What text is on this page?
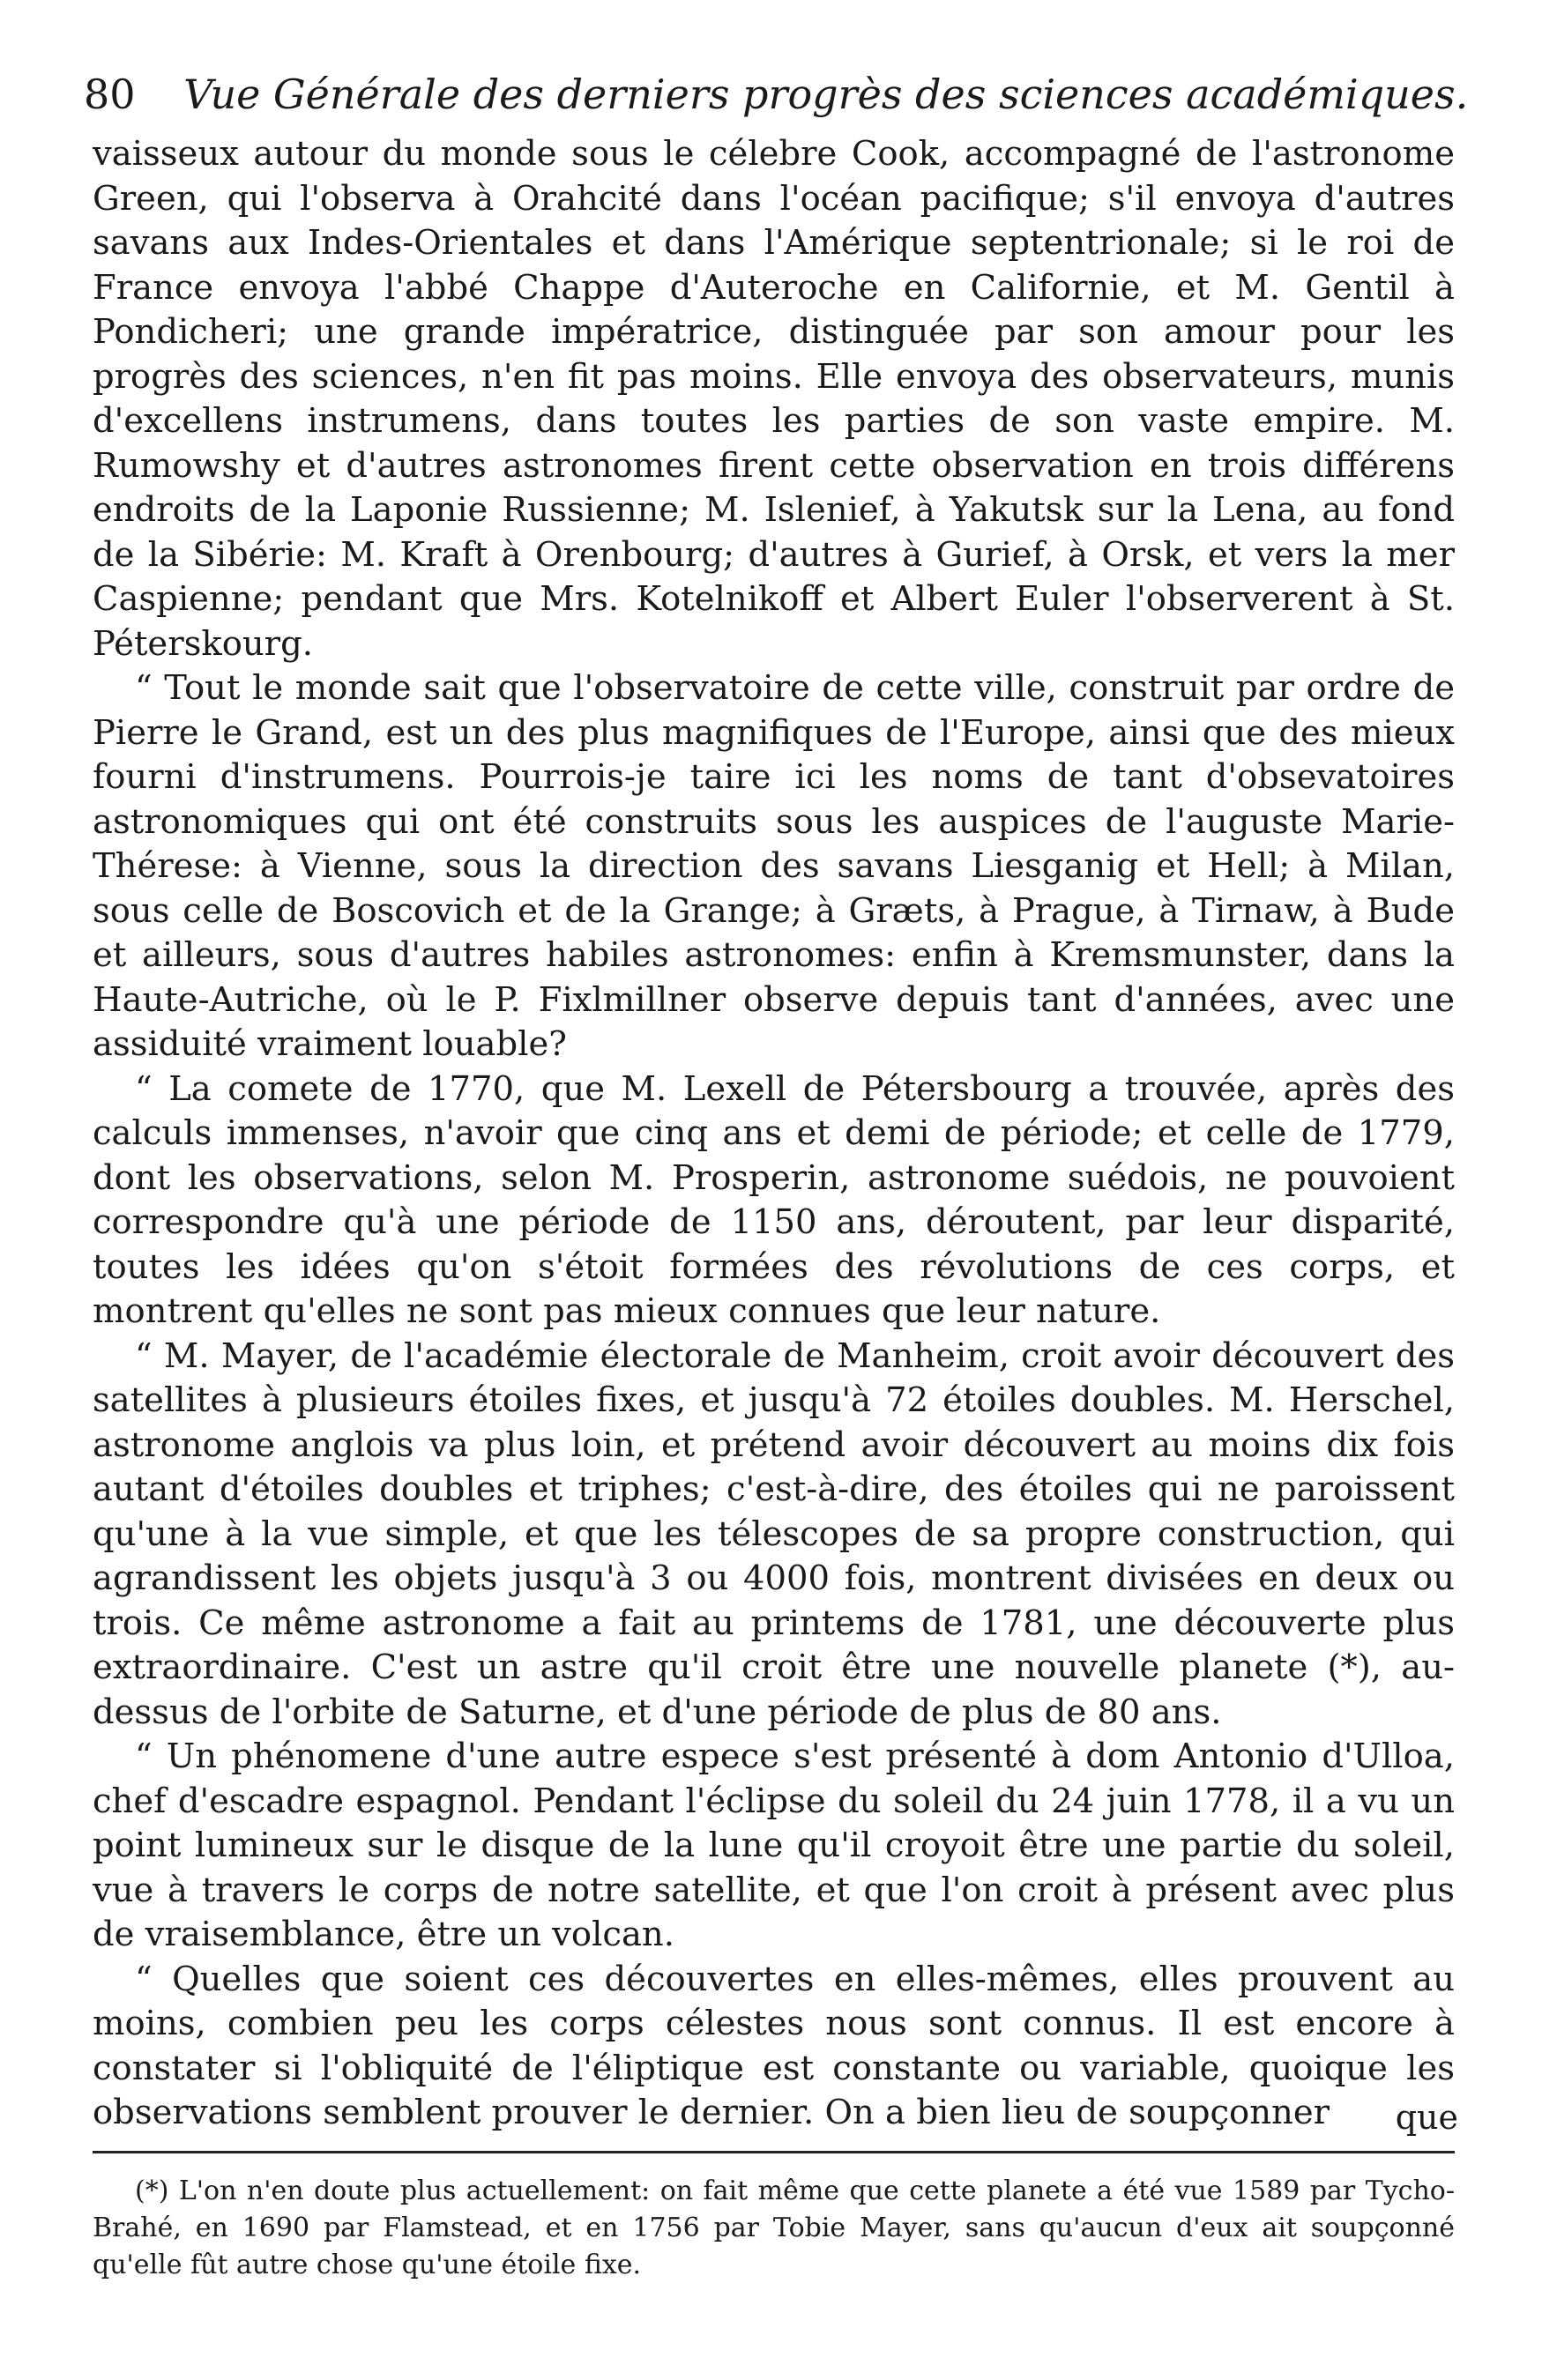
80 Vue Générale des derniers progrès des sciences académiques.

vaisseux autour du monde sous le célebre Cook, accompagné de l'astronome Green, qui l'observa à Orahcité dans l'océan pacifique; s'il envoya d'autres savans aux Indes-Orientales et dans l'Amérique septentrionale; si le roi de France envoya l'abbé Chappe d'Auteroche en Californie, et M. Gentil à Pondicheri; une grande impératrice, distinguée par son amour pour les progrès des sciences, n'en fit pas moins. Elle envoya des observateurs, munis d'excellens instrumens, dans toutes les parties de son vaste empire. M. Rumowshy et d'autres astronomes firent cette observation en trois différens endroits de la Laponie Russienne; M. Islenief, à Yakutsk sur la Lena, au fond de la Sibérie: M. Kraft à Orenbourg; d'autres à Gurief, à Orsk, et vers la mer Caspienne; pendant que Mrs. Kotelnikoff et Albert Euler l'observerent à St. Péterskourg.

“ Tout le monde sait que l'observatoire de cette ville, construit par ordre de Pierre le Grand, est un des plus magnifiques de l'Europe, ainsi que des mieux fourni d'instrumens. Pourrois-je taire ici les noms de tant d'obsevatoires astronomiques qui ont été construits sous les auspices de l'auguste Marie-Thérese: à Vienne, sous la direction des savans Liesganig et Hell; à Milan, sous celle de Boscovich et de la Grange; à Græts, à Prague, à Tirnaw, à Bude et ailleurs, sous d'autres habiles astronomes: enfin à Kremsmunster, dans la Haute-Autriche, où le P. Fixlmillner observe depuis tant d'années, avec une assiduité vraiment louable?

“ La comete de 1770, que M. Lexell de Pétersbourg a trouvée, après des calculs immenses, n'avoir que cinq ans et demi de période; et celle de 1779, dont les observations, selon M. Prosperin, astronome suédois, ne pouvoient correspondre qu'à une période de 1150 ans, déroutent, par leur disparité, toutes les idées qu'on s'étoit formées des révolutions de ces corps, et montrent qu'elles ne sont pas mieux connues que leur nature.

“ M. Mayer, de l'académie électorale de Manheim, croit avoir découvert des satellites à plusieurs étoiles fixes, et jusqu'à 72 étoiles doubles. M. Herschel, astronome anglois va plus loin, et prétend avoir découvert au moins dix fois autant d'étoiles doubles et triphes; c'est-à-dire, des étoiles qui ne paroissent qu'une à la vue simple, et que les télescopes de sa propre construction, qui agrandissent les objets jusqu'à 3 ou 4000 fois, montrent divisées en deux ou trois. Ce même astronome a fait au printems de 1781, une découverte plus extraordinaire. C'est un astre qu'il croit être une nouvelle planete (*), au-dessus de l'orbite de Saturne, et d'une période de plus de 80 ans.

“ Un phénomene d'une autre espece s'est présenté à dom Antonio d'Ulloa, chef d'escadre espagnol. Pendant l'éclipse du soleil du 24 juin 1778, il a vu un point lumineux sur le disque de la lune qu'il croyoit être une partie du soleil, vue à travers le corps de notre satellite, et que l'on croit à présent avec plus de vraisemblance, être un volcan.

“ Quelles que soient ces découvertes en elles-mêmes, elles prouvent au moins, combien peu les corps célestes nous sont connus. Il est encore à constater si l'obliquité de l'éliptique est constante ou variable, quoique les observations semblent prouver le dernier. On a bien lieu de soupçonner	que

(*) L'on n'en doute plus actuellement: on fait même que cette planete a été vue 1589 par Tycho-Brahé, en 1690 par Flamstead, et en 1756 par Tobie Mayer, sans qu'aucun d'eux ait soupçonné qu'elle fût autre chose qu'une étoile fixe.
